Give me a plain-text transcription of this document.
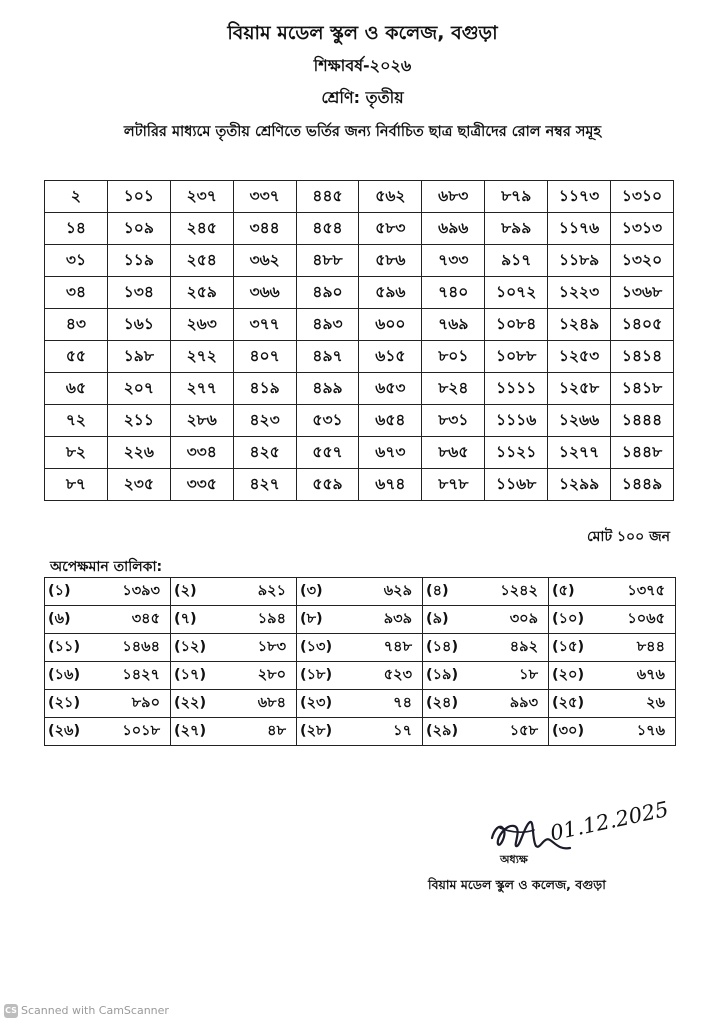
বিয়াম মডেল স্কুল ও কলেজ, বগুড়া
শিক্ষাবর্ষ-২০২৬
শ্রেণি: তৃতীয়
লটারির মাধ্যমে তৃতীয় শ্রেণিতে ভর্তির জন্য নির্বাচিত ছাত্র ছাত্রীদের রোল নম্বর সমূহ
২	১০১	২৩৭	৩৩৭	৪৪৫	৫৬২	৬৮৩	৮৭৯	১১৭৩	১৩১০
১৪	১০৯	২৪৫	৩৪৪	৪৫৪	৫৮৩	৬৯৬	৮৯৯	১১৭৬	১৩১৩
৩১	১১৯	২৫৪	৩৬২	৪৮৮	৫৮৬	৭৩৩	৯১৭	১১৮৯	১৩২০
৩৪	১৩৪	২৫৯	৩৬৬	৪৯০	৫৯৬	৭৪০	১০৭২	১২২৩	১৩৬৮
৪৩	১৬১	২৬৩	৩৭৭	৪৯৩	৬০০	৭৬৯	১০৮৪	১২৪৯	১৪০৫
৫৫	১৯৮	২৭২	৪০৭	৪৯৭	৬১৫	৮০১	১০৮৮	১২৫৩	১৪১৪
৬৫	২০৭	২৭৭	৪১৯	৪৯৯	৬৫৩	৮২৪	১১১১	১২৫৮	১৪১৮
৭২	২১১	২৮৬	৪২৩	৫৩১	৬৫৪	৮৩১	১১১৬	১২৬৬	১৪৪৪
৮২	২২৬	৩৩৪	৪২৫	৫৫৭	৬৭৩	৮৬৫	১১২১	১২৭৭	১৪৪৮
৮৭	২৩৫	৩৩৫	৪২৭	৫৫৯	৬৭৪	৮৭৮	১১৬৮	১২৯৯	১৪৪৯
মোট ১০০ জন
অপেক্ষমান তালিকা:
(১)	১৩৯৩	(২)	৯২১	(৩)	৬২৯	(৪)	১২৪২	(৫)	১৩৭৫
(৬)	৩৪৫	(৭)	১৯৪	(৮)	৯৩৯	(৯)	৩০৯	(১০)	১০৬৫
(১১)	১৪৬৪	(১২)	১৮৩	(১৩)	৭৪৮	(১৪)	৪৯২	(১৫)	৮৪৪
(১৬)	১৪২৭	(১৭)	২৮০	(১৮)	৫২৩	(১৯)	১৮	(২০)	৬৭৬
(২১)	৮৯০	(২২)	৬৮৪	(২৩)	৭৪	(২৪)	৯৯৩	(২৫)	২৬
(২৬)	১০১৮	(২৭)	৪৮	(২৮)	১৭	(২৯)	১৫৮	(৩০)	১৭৬
01.12.2025
অধ্যক্ষ
বিয়াম মডেল স্কুল ও কলেজ, বগুড়া
CS Scanned with CamScanner
